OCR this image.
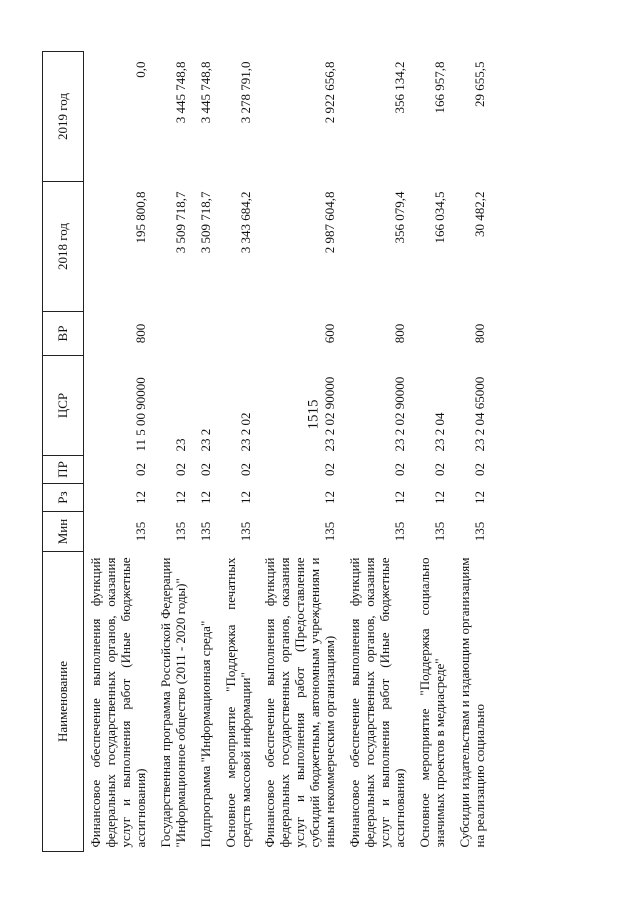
1515
Наименование	Мин	Рз	ПР	ЦСР	ВР	2018 год	2019 год
Финансовое обеспечение выполнения функций федеральных государственных органов, оказания услуг и выполнения работ (Иные бюджетные ассигнования)	135	12	02	11 5 00 90000	800	195 800,8	0,0
Государственная программа Российской Федерации "Информационное общество (2011 - 2020 годы)"	135	12	02	23		3 509 718,7	3 445 748,8
Подпрограмма "Информационная среда"	135	12	02	23 2		3 509 718,7	3 445 748,8
Основное мероприятие "Поддержка печатных средств массовой информации"	135	12	02	23 2 02		3 343 684,2	3 278 791,0
Финансовое обеспечение выполнения функций федеральных государственных органов, оказания услуг и выполнения работ (Предоставление субсидий бюджетным, автономным учреждениям и иным некоммерческим организациям)	135	12	02	23 2 02 90000	600	2 987 604,8	2 922 656,8
Финансовое обеспечение выполнения функций федеральных государственных органов, оказания услуг и выполнения работ (Иные бюджетные ассигнования)	135	12	02	23 2 02 90000	800	356 079,4	356 134,2
Основное мероприятие "Поддержка социально значимых проектов в медиасреде"	135	12	02	23 2 04		166 034,5	166 957,8
Субсидии издательствам и издающим организациям на реализацию социально	135	12	02	23 2 04 65000	800	30 482,2	29 655,5
